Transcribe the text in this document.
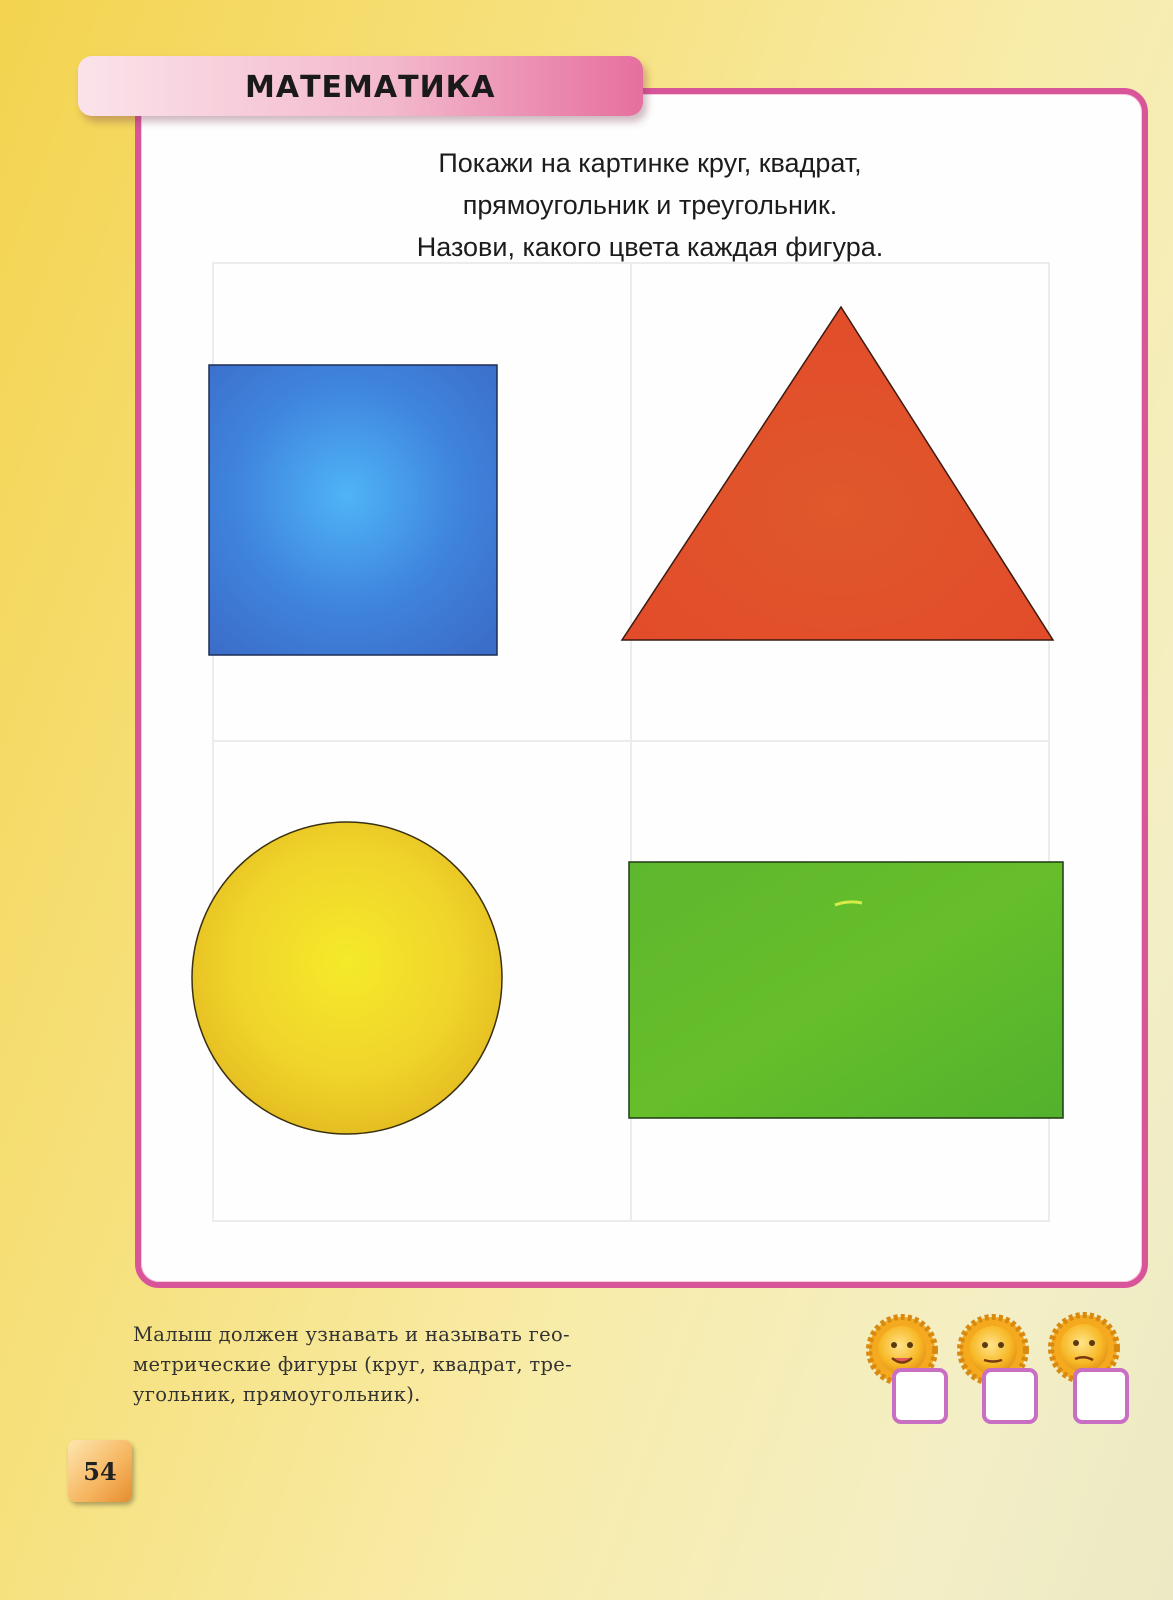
МАТЕМАТИКА
Покажи на картинке круг, квадрат,
прямоугольник и треугольник.
Назови, какого цвета каждая фигура.
Малыш должен узнавать и называть гео-
метрические фигуры (круг, квадрат, тре-
угольник, прямоугольник).
54
